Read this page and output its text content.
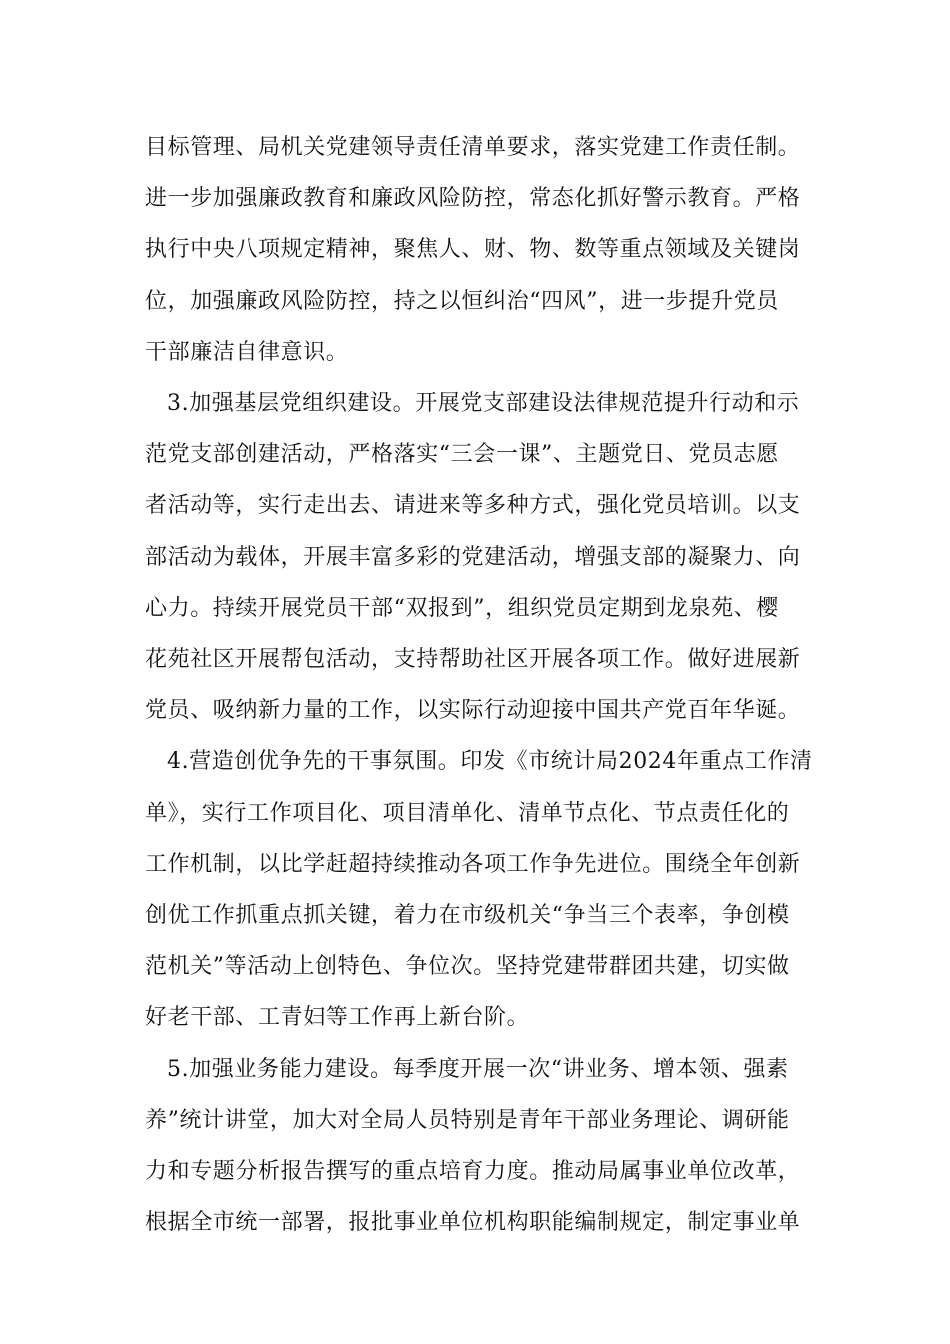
目标管理、局机关党建领导责任清单要求，落实党建工作责任制。
进一步加强廉政教育和廉政风险防控，常态化抓好警示教育。严格
执行中央八项规定精神，聚焦人、财、物、数等重点领域及关键岗
位，加强廉政风险防控，持之以恒纠治“四风”，进一步提升党员
干部廉洁自律意识。
3.加强基层党组织建设。开展党支部建设法律规范提升行动和示
范党支部创建活动，严格落实“三会一课”、主题党日、党员志愿
者活动等，实行走出去、请进来等多种方式，强化党员培训。以支
部活动为载体，开展丰富多彩的党建活动，增强支部的凝聚力、向
心力。持续开展党员干部“双报到”，组织党员定期到龙泉苑、樱
花苑社区开展帮包活动，支持帮助社区开展各项工作。做好进展新
党员、吸纳新力量的工作，以实际行动迎接中国共产党百年华诞。
4.营造创优争先的干事氛围。印发《市统计局2024年重点工作清
单》，实行工作项目化、项目清单化、清单节点化、节点责任化的
工作机制，以比学赶超持续推动各项工作争先进位。围绕全年创新
创优工作抓重点抓关键，着力在市级机关“争当三个表率，争创模
范机关”等活动上创特色、争位次。坚持党建带群团共建，切实做
好老干部、工青妇等工作再上新台阶。
5.加强业务能力建设。每季度开展一次“讲业务、增本领、强素
养”统计讲堂，加大对全局人员特别是青年干部业务理论、调研能
力和专题分析报告撰写的重点培育力度。推动局属事业单位改革，
根据全市统一部署，报批事业单位机构职能编制规定，制定事业单
